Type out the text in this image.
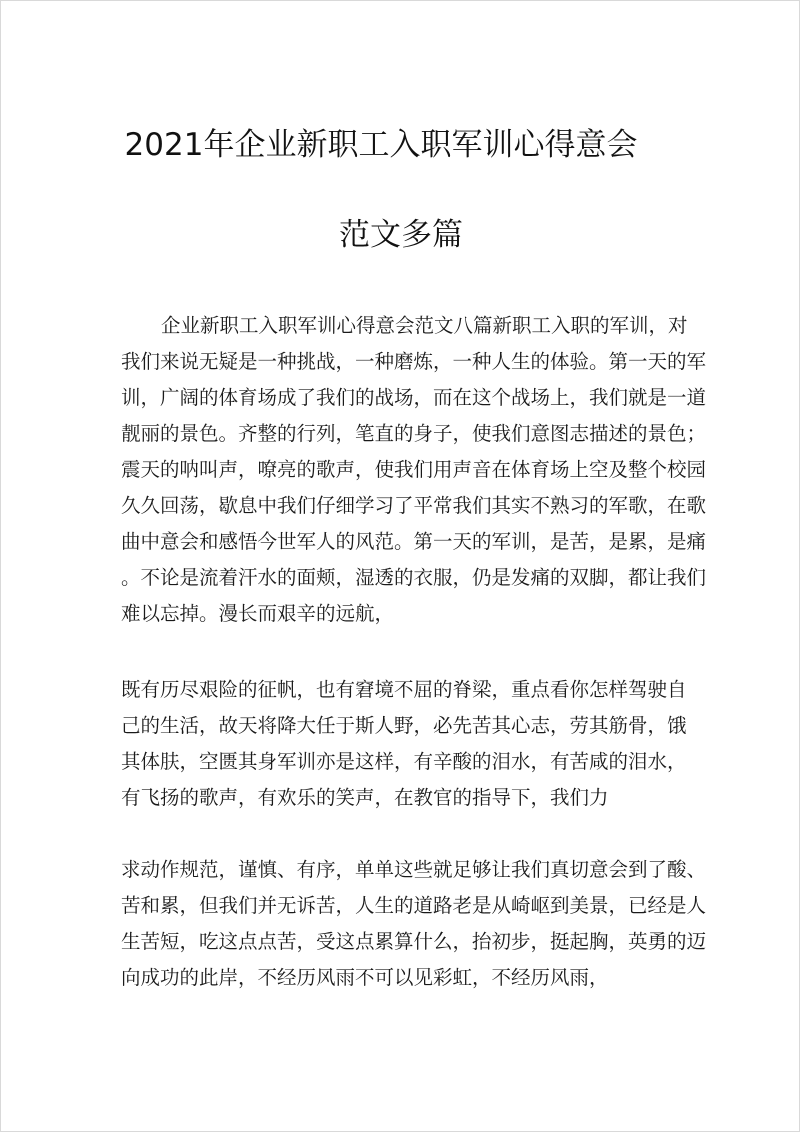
2021年企业新职工入职军训心得意会
范文多篇
企业新职工入职军训心得意会范文八篇新职工入职的军训，对
我们来说无疑是一种挑战，一种磨炼，一种人生的体验。第一天的军
训，广阔的体育场成了我们的战场，而在这个战场上，我们就是一道
靓丽的景色。齐整的行列，笔直的身子，使我们意图志描述的景色；
震天的呐叫声，嘹亮的歌声，使我们用声音在体育场上空及整个校园
久久回荡，歇息中我们仔细学习了平常我们其实不熟习的军歌，在歌
曲中意会和感悟今世军人的风范。第一天的军训，是苦，是累，是痛
。不论是流着汗水的面颊，湿透的衣服，仍是发痛的双脚，都让我们
难以忘掉。漫长而艰辛的远航，
既有历尽艰险的征帆，也有窘境不屈的脊梁，重点看你怎样驾驶自
己的生活，故天将降大任于斯人野，必先苦其心志，劳其筋骨，饿
其体肤，空匮其身军训亦是这样，有辛酸的泪水，有苦咸的泪水，
有飞扬的歌声，有欢乐的笑声，在教官的指导下，我们力
求动作规范，谨慎、有序，单单这些就足够让我们真切意会到了酸、
苦和累，但我们并无诉苦，人生的道路老是从崎岖到美景，已经是人
生苦短，吃这点点苦，受这点累算什么，抬初步，挺起胸，英勇的迈
向成功的此岸，不经历风雨不可以见彩虹，不经历风雨，
